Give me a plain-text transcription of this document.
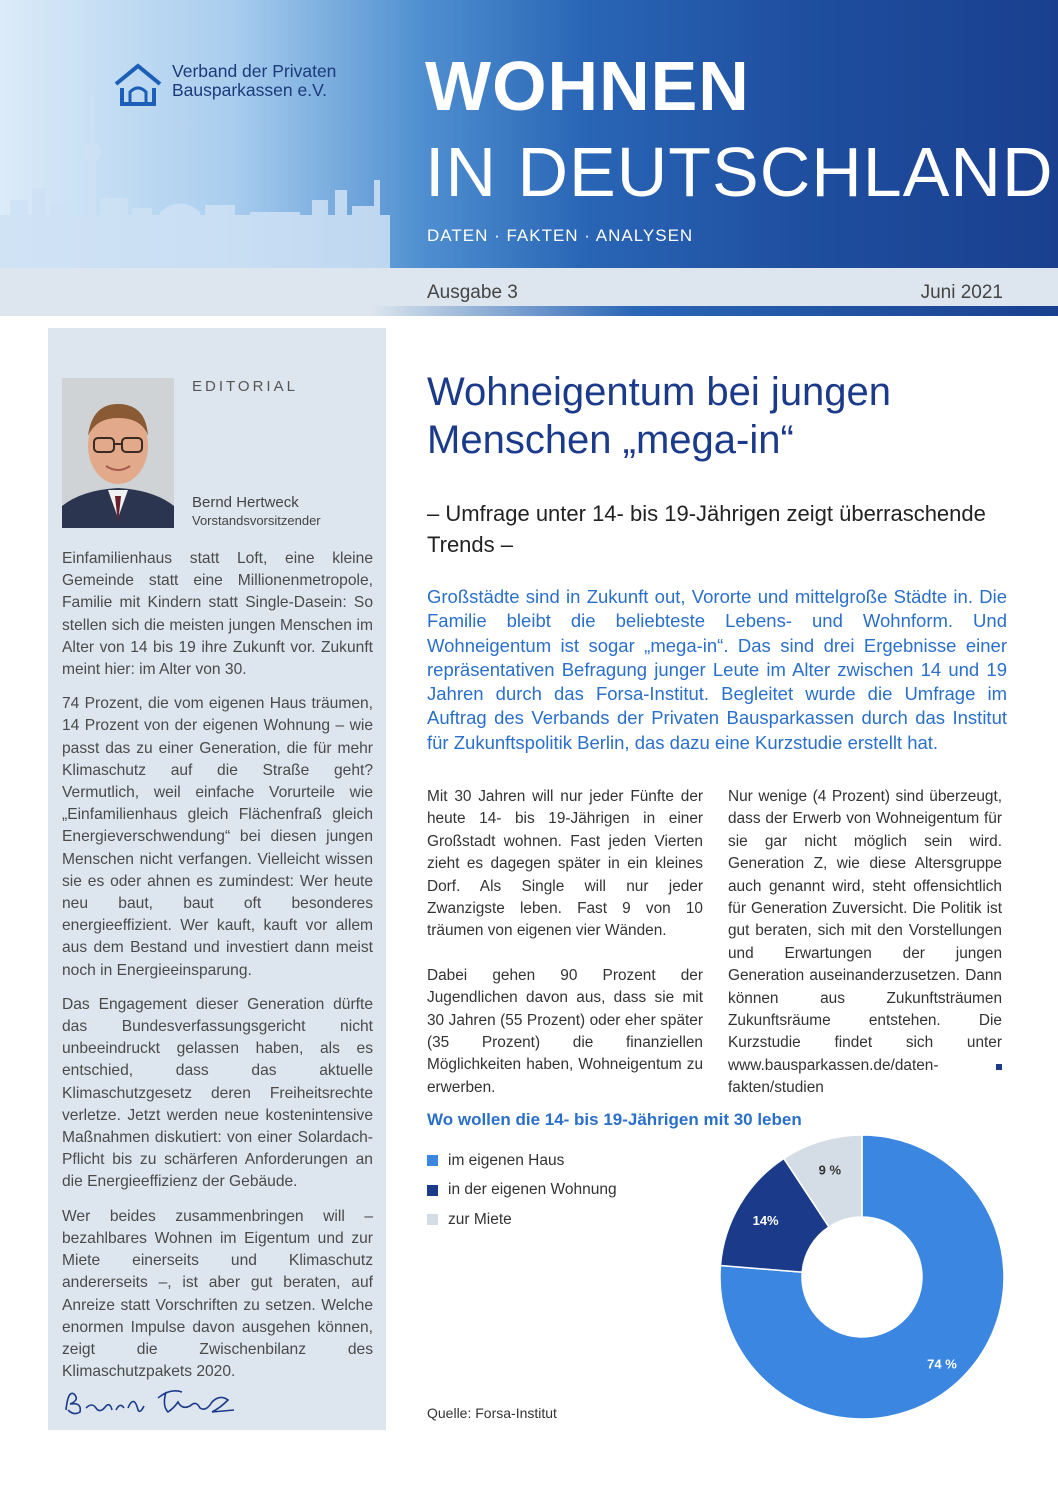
Verband der Privaten
Bausparkassen e.V. WOHNEN
IN DEUTSCHLAND
DATEN · FAKTEN · ANALYSEN
Ausgabe 3	Juni 2021
EDITORIAL
Bernd Hertweck
Vorstandsvorsitzender

Einfamilienhaus statt Loft, eine kleine Gemeinde statt eine Millionenmetropole, Familie mit Kindern statt Single-Dasein: So stellen sich die meisten jungen Menschen im Alter von 14 bis 19 ihre Zukunft vor. Zukunft meint hier: im Alter von 30.

74 Prozent, die vom eigenen Haus träumen, 14 Prozent von der eigenen Wohnung – wie passt das zu einer Generation, die für mehr Klimaschutz auf die Straße geht? Vermutlich, weil einfache Vorurteile wie „Einfamilienhaus gleich Flächenfraß gleich Energieverschwendung“ bei diesen jungen Menschen nicht verfangen. Vielleicht wissen sie es oder ahnen es zumindest: Wer heute neu baut, baut oft besonderes energieeffizient. Wer kauft, kauft vor allem aus dem Bestand und investiert dann meist noch in Energieeinsparung.

Das Engagement dieser Generation dürfte das Bundesverfassungsgericht nicht unbeeindruckt gelassen haben, als es entschied, dass das aktuelle Klimaschutzgesetz deren Freiheitsrechte verletze. Jetzt werden neue kostenintensive Maßnahmen diskutiert: von einer Solardach-Pflicht bis zu schärferen Anforderungen an die Energieeffizienz der Gebäude.

Wer beides zusammenbringen will – bezahlbares Wohnen im Eigentum und zur Miete einerseits und Klimaschutz andererseits –, ist aber gut beraten, auf Anreize statt Vorschriften zu setzen. Welche enormen Impulse davon ausgehen können, zeigt die Zwischenbilanz des Klimaschutzpakets 2020.

Wohneigentum bei jungen Menschen „mega-in“
– Umfrage unter 14- bis 19-Jährigen zeigt überraschende Trends –
Großstädte sind in Zukunft out, Vororte und mittelgroße Städte in. Die Familie bleibt die beliebteste Lebens- und Wohnform. Und Wohneigentum ist sogar „mega-in“. Das sind drei Ergebnisse einer repräsentativen Befragung junger Leute im Alter zwischen 14 und 19 Jahren durch das Forsa-Institut. Begleitet wurde die Umfrage im Auftrag des Verbands der Privaten Bausparkassen durch das Institut für Zukunftspolitik Berlin, das dazu eine Kurzstudie erstellt hat.

Mit 30 Jahren will nur jeder Fünfte der heute 14- bis 19-Jährigen in einer Großstadt wohnen. Fast jeden Vierten zieht es dagegen später in ein kleines Dorf. Als Single will nur jeder Zwanzigste leben. Fast 9 von 10 träumen von eigenen vier Wänden.

Dabei gehen 90 Prozent der Jugendlichen davon aus, dass sie mit 30 Jahren (55 Prozent) oder eher später (35 Prozent) die finanziellen Möglichkeiten haben, Wohneigentum zu erwerben.

Nur wenige (4 Prozent) sind überzeugt, dass der Erwerb von Wohneigentum für sie gar nicht möglich sein wird. Generation Z, wie diese Altersgruppe auch genannt wird, steht offensichtlich für Generation Zuversicht. Die Politik ist gut beraten, sich mit den Vorstellungen und Erwartungen der jungen Generation auseinanderzusetzen. Dann können aus Zukunftsträumen Zukunftsräume entstehen. Die Kurzstudie findet sich unter www.bausparkassen.de/daten-fakten/studien

Wo wollen die 14- bis 19-Jährigen mit 30 leben
im eigenen Haus
in der eigenen Wohnung
zur Miete
74 %
14%
9 %
Quelle: Forsa-Institut
